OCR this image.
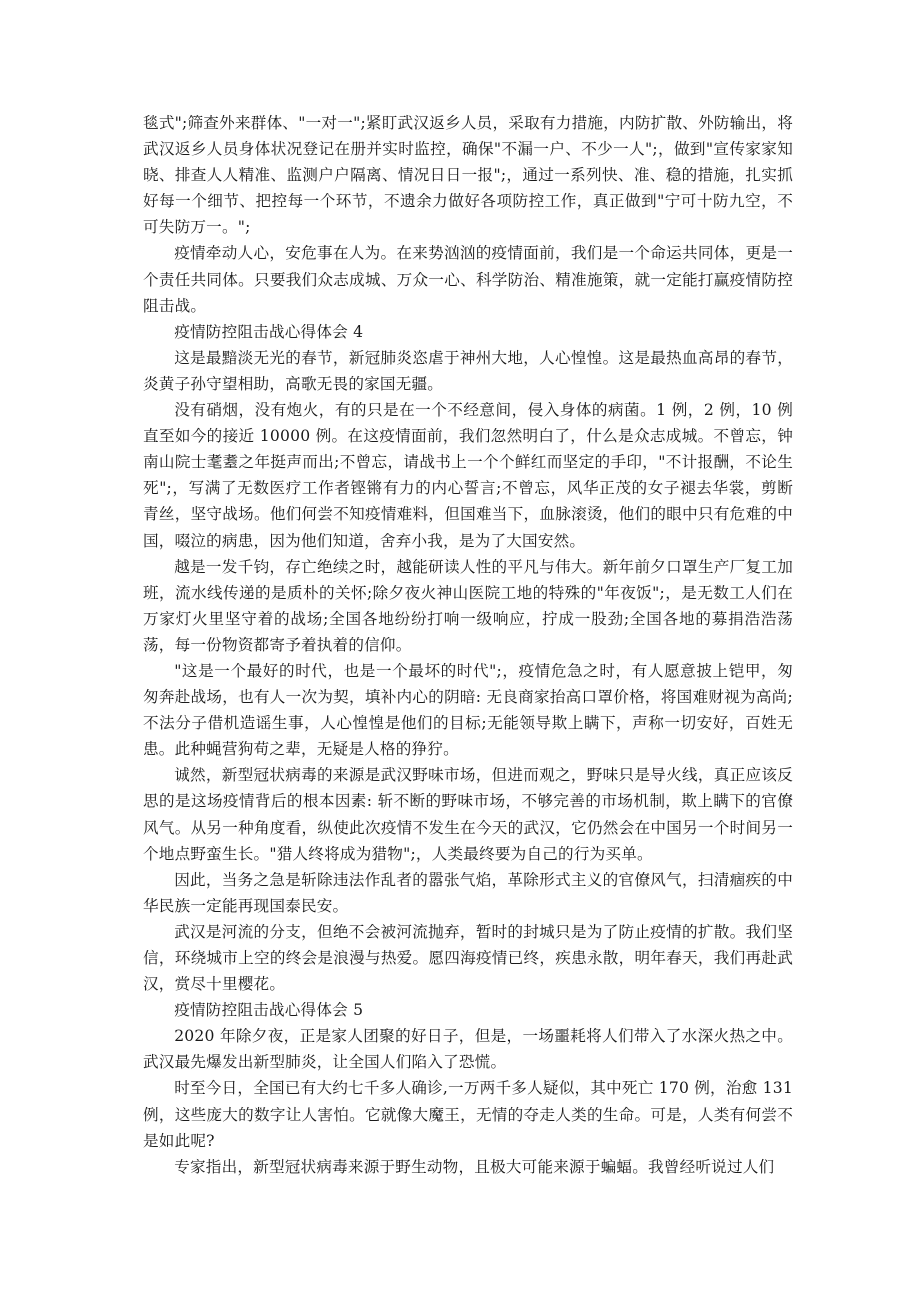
毯式";筛查外来群体、"一对一";紧盯武汉返乡人员，采取有力措施，内防扩散、外防输出，将武汉返乡人员身体状况登记在册并实时监控，确保"不漏一户、不少一人";，做到"宣传家家知晓、排查人人精准、监测户户隔离、情况日日一报";，通过一系列快、准、稳的措施，扎实抓好每一个细节、把控每一个环节，不遗余力做好各项防控工作，真正做到"宁可十防九空，不可失防万一。";

疫情牵动人心，安危事在人为。在来势汹汹的疫情面前，我们是一个命运共同体，更是一个责任共同体。只要我们众志成城、万众一心、科学防治、精准施策，就一定能打赢疫情防控阻击战。

疫情防控阻击战心得体会 4

这是最黯淡无光的春节，新冠肺炎恣虐于神州大地，人心惶惶。这是最热血高昂的春节，炎黄子孙守望相助，高歌无畏的家国无疆。

没有硝烟，没有炮火，有的只是在一个不经意间，侵入身体的病菌。1 例，2 例，10 例直至如今的接近 10000 例。在这疫情面前，我们忽然明白了，什么是众志成城。不曾忘，钟南山院士耄耋之年挺声而出;不曾忘，请战书上一个个鲜红而坚定的手印，"不计报酬，不论生死";，写满了无数医疗工作者铿锵有力的内心誓言;不曾忘，风华正茂的女子褪去华裳，剪断青丝，坚守战场。他们何尝不知疫情难料，但国难当下，血脉滚烫，他们的眼中只有危难的中国，啜泣的病患，因为他们知道，舍弃小我，是为了大国安然。

越是一发千钧，存亡绝续之时，越能研读人性的平凡与伟大。新年前夕口罩生产厂复工加班，流水线传递的是质朴的关怀;除夕夜火神山医院工地的特殊的"年夜饭";，是无数工人们在万家灯火里坚守着的战场;全国各地纷纷打响一级响应，拧成一股劲;全国各地的募捐浩浩荡荡，每一份物资都寄予着执着的信仰。

"这是一个最好的时代，也是一个最坏的时代";，疫情危急之时，有人愿意披上铠甲，匆匆奔赴战场，也有人一次为契，填补内心的阴暗: 无良商家抬高口罩价格，将国难财视为高尚;不法分子借机造谣生事，人心惶惶是他们的目标;无能领导欺上瞒下，声称一切安好，百姓无患。此种蝇营狗苟之辈，无疑是人格的狰狞。

诚然，新型冠状病毒的来源是武汉野味市场，但进而观之，野味只是导火线，真正应该反思的是这场疫情背后的根本因素: 斩不断的野味市场，不够完善的市场机制，欺上瞒下的官僚风气。从另一种角度看，纵使此次疫情不发生在今天的武汉，它仍然会在中国另一个时间另一个地点野蛮生长。"猎人终将成为猎物";，人类最终要为自己的行为买单。

因此，当务之急是斩除违法作乱者的嚣张气焰，革除形式主义的官僚风气，扫清痼疾的中华民族一定能再现国泰民安。

武汉是河流的分支，但绝不会被河流抛弃，暂时的封城只是为了防止疫情的扩散。我们坚信，环绕城市上空的终会是浪漫与热爱。愿四海疫情已终，疾患永散，明年春天，我们再赴武汉，赏尽十里樱花。

疫情防控阻击战心得体会 5

2020 年除夕夜，正是家人团聚的好日子，但是，一场噩耗将人们带入了水深火热之中。武汉最先爆发出新型肺炎，让全国人们陷入了恐慌。

时至今日，全国已有大约七千多人确诊,一万两千多人疑似，其中死亡 170 例，治愈 131 例，这些庞大的数字让人害怕。它就像大魔王，无情的夺走人类的生命。可是，人类有何尝不是如此呢?

专家指出，新型冠状病毒来源于野生动物，且极大可能来源于蝙蝠。我曾经听说过人们
